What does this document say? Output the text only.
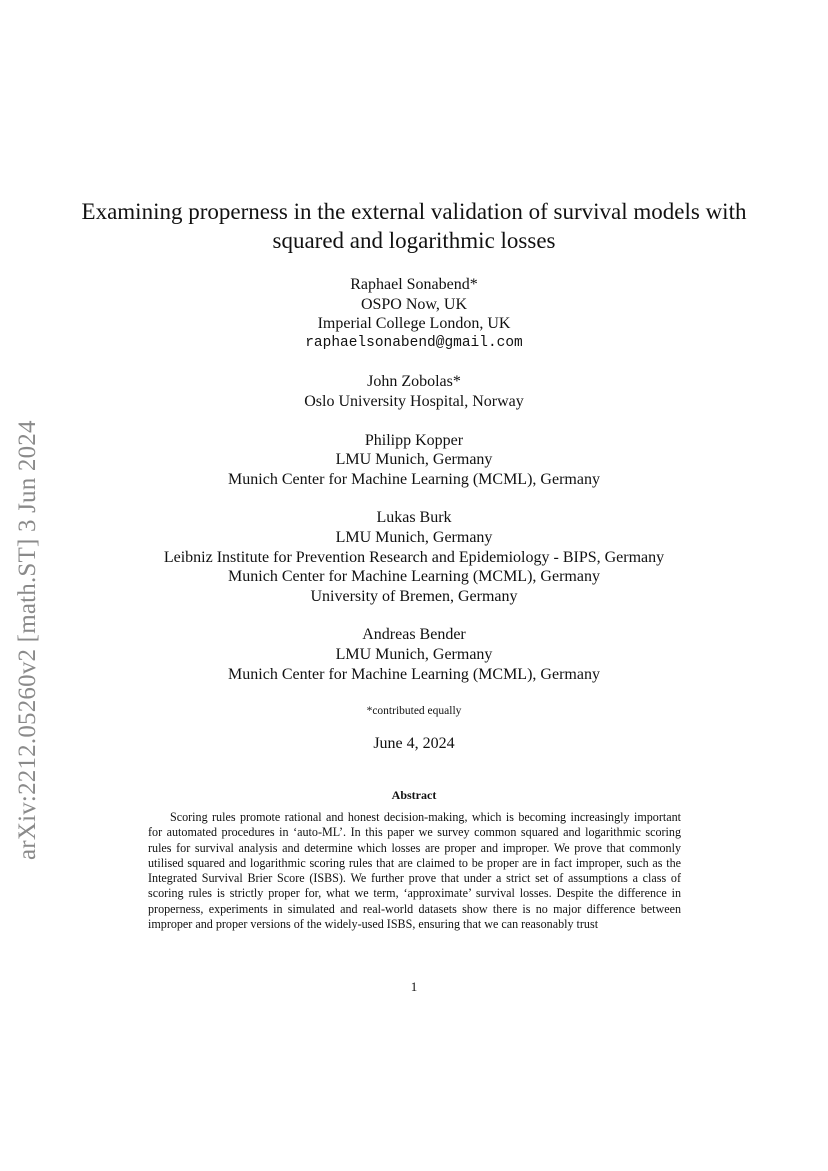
arXiv:2212.05260v2 [math.ST] 3 Jun 2024
Examining properness in the external validation of survival models with squared and logarithmic losses
Raphael Sonabend*
OSPO Now, UK
Imperial College London, UK
raphaelsonabend@gmail.com
John Zobolas*
Oslo University Hospital, Norway
Philipp Kopper
LMU Munich, Germany
Munich Center for Machine Learning (MCML), Germany
Lukas Burk
LMU Munich, Germany
Leibniz Institute for Prevention Research and Epidemiology - BIPS, Germany
Munich Center for Machine Learning (MCML), Germany
University of Bremen, Germany
Andreas Bender
LMU Munich, Germany
Munich Center for Machine Learning (MCML), Germany
*contributed equally
June 4, 2024
Abstract
Scoring rules promote rational and honest decision-making, which is becoming increasingly important for automated procedures in ‘auto-ML’. In this paper we survey common squared and logarithmic scoring rules for survival analysis and determine which losses are proper and improper. We prove that commonly utilised squared and logarithmic scoring rules that are claimed to be proper are in fact improper, such as the Integrated Survival Brier Score (ISBS). We further prove that under a strict set of assumptions a class of scoring rules is strictly proper for, what we term, ‘approximate’ survival losses. Despite the difference in properness, experiments in simulated and real-world datasets show there is no major difference between improper and proper versions of the widely-used ISBS, ensuring that we can reasonably trust
1
